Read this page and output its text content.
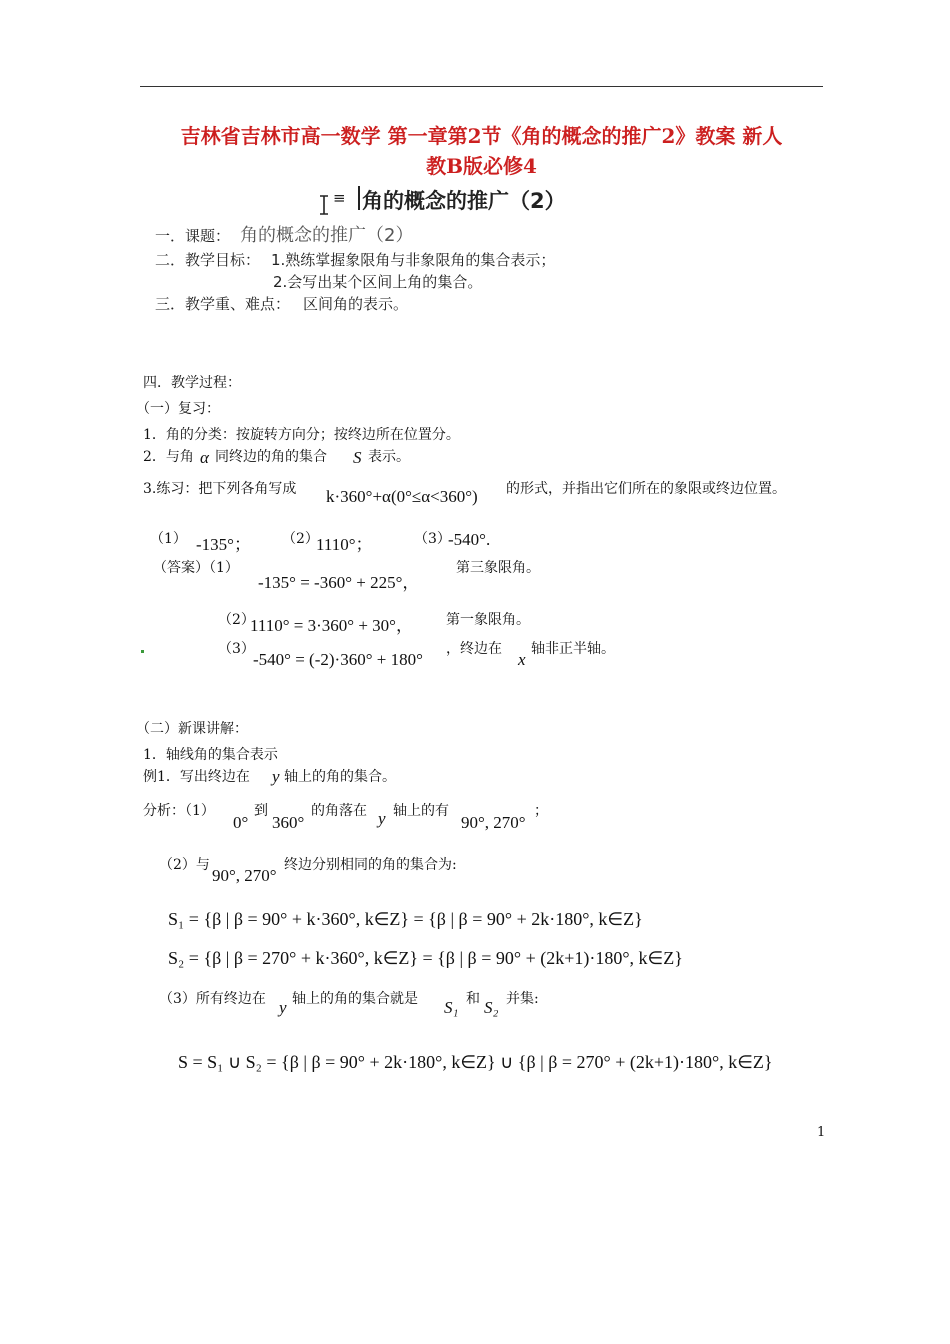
吉林省吉林市高一数学 第一章第2节《角的概念的推广2》教案 新人
教B版必修4
≡ 角的概念的推广（2）
一．课题： 角的概念的推广（2）
二．教学目标： 1.熟练掌握象限角与非象限角的集合表示；
2.会写出某个区间上角的集合。
三．教学重、难点： 区间角的表示。
四．教学过程：
（一）复习：
1．角的分类：按旋转方向分；按终边所在位置分。
2．与角 α 同终边的角的集合 S 表示。
3.练习：把下列各角写成 k·360°+α(0°≤α<360°) 的形式，并指出它们所在的象限或终边位置。
（1） -135°； （2）
1110°；	（3）
-540°.
（答案）（1）
-135° = -360° + 225°，
第三象限角。
（2）
1110° = 3·360° + 30°， 第一象限角。
（3）
-540° = (-2)·360° + 180°
，终边在
x
轴非正半轴。
（二）新课讲解：
1．轴线角的集合表示
例1．写出终边在 y 轴上的角的集合。
分析：（1）
0°
到
360°
的角落在 y 轴上的有
90°, 270°
；
（2）与
90°, 270°
终边分别相同的角的集合为:
S₁ = {β | β = 90° + k·360°, k∈Z} = {β | β = 90° + 2k·180°, k∈Z}
S₂ = {β | β = 270° + k·360°, k∈Z} = {β | β = 90° + (2k+1)·180°, k∈Z}
（3）所有终边在 y 轴上的角的集合就是 S₁ 和 S₂ 并集:
S = S₁ ∪ S₂ = {β | β = 90° + 2k·180°, k∈Z} ∪ {β | β = 270° + (2k+1)·180°, k∈Z}
1
